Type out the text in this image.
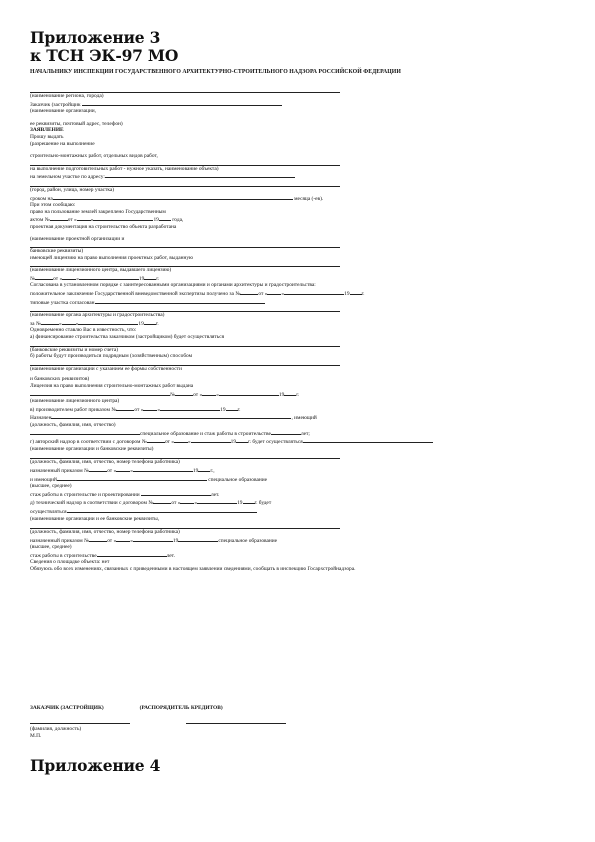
Приложение 3
к ТСН ЭК-97 МО
НАЧАЛЬНИКУ ИНСПЕКЦИИ ГОСУДАРСТВЕННОГО АРХИТЕКТУРНО-СТРОИТЕЛЬНОГО НАДЗОРА РОССИЙСКОЙ ФЕДЕРАЦИИ
(наименование региона, города)
Заказчик (застройщик
(наименование организации,
ее реквизиты, почтовый адрес, телефон)
ЗАЯВЛЕНИЕ
Прошу выдать
(разрешение на выполнение
строительно-монтажных работ, отдельных видов работ,
на выполнение подготовительных работ - нужное указать, наименование объекта)
на земельном участке по адресу:
(город, район, улица, номер участка)
сроком на	месяца (-ев).
При этом сообщаю:
право на пользование землей закреплено Государственным
актом №	от «	»	19 года,
проектная документация на строительство объекта разработана
(наименование проектной организации и
банковские реквизиты)
имеющей лицензию на право выполнения проектных работ, выданную
(наименование лицензионного центра, выдавшего лицензию)
№	от «	»	19 г.
Согласована в установленном порядке с заинтересованными организациями и органами архитектуры и градостроительства:
положительное заключение Государственной вневедомственной экспертизы получено за №	от «	»	19 г.
типовые участка согласован
(наименование органа архитектуры и градостроительства)
за №	«	»	19 г.
Одновременно ставлю Вас в известность, что:
а) финансирование строительства заказчиком (застройщиком) будет осуществляться
(банковские реквизиты и номер счета)
б) работы будут производиться подрядным (хозяйственным) способом
(наименование организации с указанием ее формы собственности
и банковских реквизитов)
Лицензия на право выполнения строительно-монтажных работ выдана
№	от «	»	19 г.
(наименование лицензионного центра)
в) производителем работ приказом №	от «	»	19 г.
Назначен	, имеющий
(должность, фамилия, имя, отчество)
специальное образование и стаж работы в строительстве	лет;
г) авторский надзор в соответствии с договором №	от «	»	19 г. будет осуществляться
(наименование организации и банковские реквизиты)
(должность, фамилия, имя, отчество, номер телефона работника)
назначенный приказом №	от «	»	19 г.,
и имеющий	специальное образование
(высшее, среднее)
стаж работы в строительстве и проектировании	лет.
д) технический надзор в соответствии с договором №	от «	»	19 г. будет
осуществляться
(наименование организации и ее банковские реквизиты,
(должность, фамилия, имя, отчество, номер телефона работника)
назначенный приказом №	от «	»	19	специальное образование
(высшее, среднее)
стаж работы в строительстве	лет.
Сведения о площадке объекта: нет
Обязуюсь обо всех изменениях, связанных с приведенными в настоящем заявлении сведениями, сообщать в инспекцию Госархстройнадзора.
ЗАКАЗЧИК (ЗАСТРОЙЩИК)	(РАСПОРЯДИТЕЛЬ КРЕДИТОВ)
(фамилия, должность)
М.П.
Приложение 4
